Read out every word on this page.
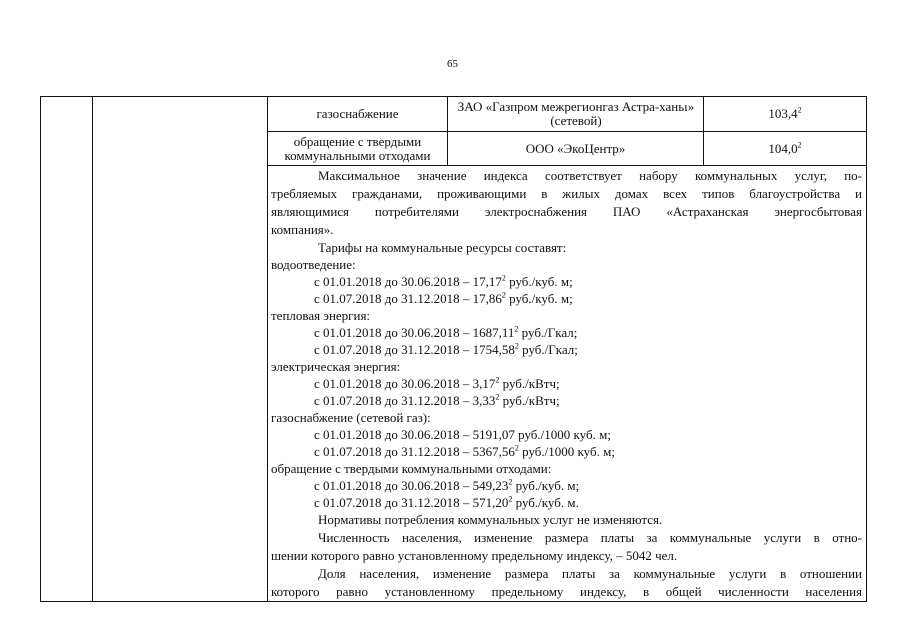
65
газоснабжение	ЗАО «Газпром межрегионгаз Астра-ханьı» (сетевой)	103,4$^2$
обращение с твердыми коммунальными отходами	ООО «ЭкоЦентр»	104,0$^2$
Максимальное значение индекса соответствует набору коммунальных услуг, по-
требляемых гражданами, проживающими в жилых домах всех типов благоустройства и
являющимися потребителями электроснабжения ПАО «Астраханская энергосбытовая
компания».
Тарифы на коммунальные ресурсы составят:
водоотведение:
с 01.01.2018 до 30.06.2018 – 17,17$^2$ руб./куб. м;
с 01.07.2018 до 31.12.2018 – 17,86$^2$ руб./куб. м;
тепловая энергия:
с 01.01.2018 до 30.06.2018 – 1687,11$^2$ руб./Гкал;
с 01.07.2018 до 31.12.2018 – 1754,58$^2$ руб./Гкал;
электрическая энергия:
с 01.01.2018 до 30.06.2018 – 3,17$^2$ руб./кВтч;
с 01.07.2018 до 31.12.2018 – 3,33$^2$ руб./кВтч;
газоснабжение (сетевой газ):
с 01.01.2018 до 30.06.2018 – 5191,07 руб./1000 куб. м;
с 01.07.2018 до 31.12.2018 – 5367,56$^2$ руб./1000 куб. м;
обращение с твердыми коммунальными отходами:
с 01.01.2018 до 30.06.2018 – 549,23$^2$ руб./куб. м;
с 01.07.2018 до 31.12.2018 – 571,20$^2$ руб./куб. м.
Нормативы потребления коммунальных услуг не изменяются.
Численность населения, изменение размера платы за коммунальные услуги в отно-
шении которого равно установленному предельному индексу, – 5042 чел.
Доля населения, изменение размера платы за коммунальные услуги в отношении
которого равно установленному предельному индексу, в общей численности населения
